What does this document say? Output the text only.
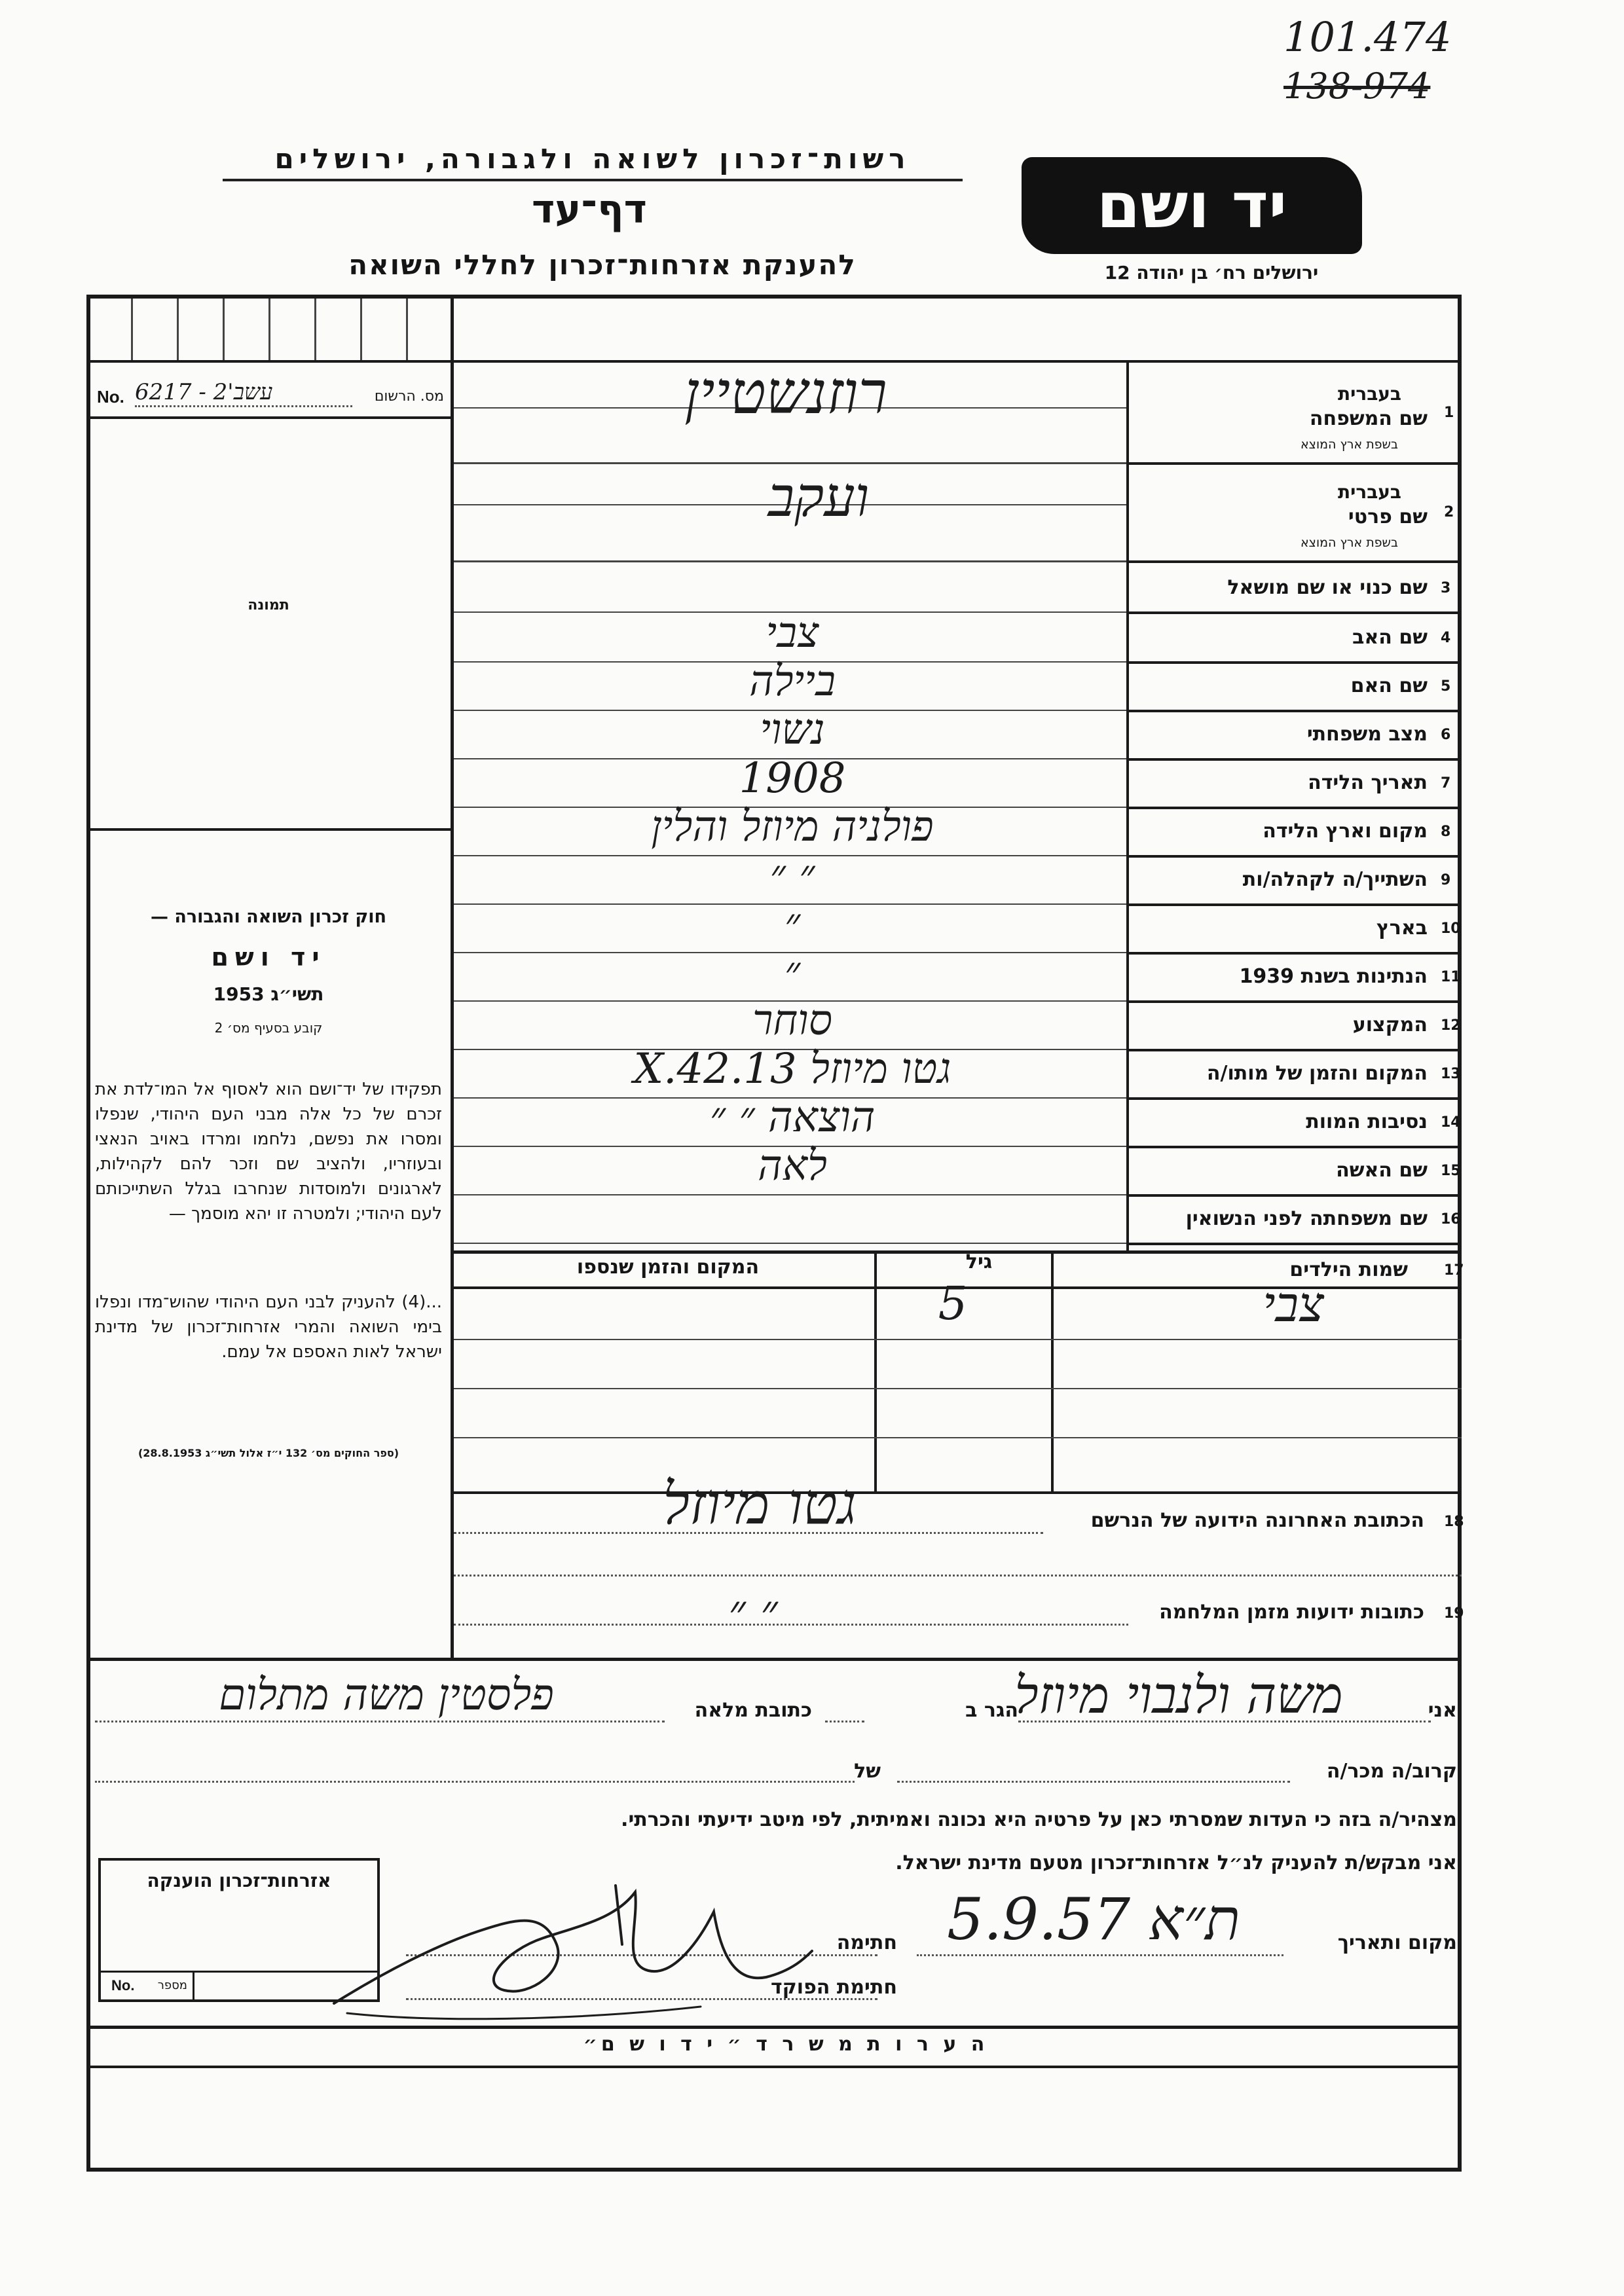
101.474
138-974
רשות־זכרון לשואה ולגבורה, ירושלים
דף־עד
להענקת אזרחות־זכרון לחללי השואה
יד ושם
ירושלים רח׳ בן יהודה 12
No. 6217 - 2'עשב	מס. הרשום
תמונה
חוק זכרון השואה והגבורה —
יד ושם
תשי״ג 1953
קובע בסעיף מס׳ 2
תפקידו של יד־ושם הוא לאסוף אל המו־לדת את זכרם של כל אלה מבני העם היהודי, שנפלו ומסרו את נפשם, נלחמו ומרדו באויב הנאצי ובעוזריו, ולהציב שם וזכר להם לקהילות, לארגונים ולמוסדות שנחרבו בגלל השתייכותם לעם היהודי; ולמטרה זו יהא מוסמך —
...(4) להעניק לבני העם היהודי שהוש־מדו ונפלו בימי השואה והמרי אזרחות־זכרון של מדינת ישראל לאות האספם אל עמם.
(ספר החוקים מס׳ 132 י״ז אלול תשי״ג 28.8.1953)
1
בעברית
שם המשפחה
בשפת ארץ המוצא
רוזנשטיין
2
בעברית
שם פרטי
בשפת ארץ המוצא
ועקב
3
שם כנוי או שם מושאל
4
שם האב
צבי
5
שם האם
ביילה
6
מצב משפחתי
נשוי
7
תאריך הלידה
1908
8
מקום וארץ הלידה
פולניה מיוזל והלין
9
השתייך/ה לקהלה/ות
״ ״
10
בארץ
״
11
הנתינות בשנת 1939
״
12
המקצוע
סוחר
13
המקום והזמן של מותו/ה
גטו מיוזל 13.X.42
14
נסיבות המוות
הוצאה ״ ״
15
שם האשה
לאה
16
שם משפחתה לפני הנשואין
17
שמות הילדים
גיל
המקום והזמן שנספו
צבי
5
18
הכתובת האחרונה הידועה של הנרשם
גטו מיוזל
19
כתובות ידועות מזמן המלחמה
״ ״
אני
משה ולנבוי מיוזל
הגר ב
כתובת מלאה
פלסטין משה מתלום
קרוב/ה מכר/ה
של
מצהיר/ה בזה כי העדות שמסרתי כאן על פרטיה היא נכונה ואמיתית, לפי מיטב ידיעתי והכרתי.
אני מבקש/ת להעניק לנ״ל אזרחות־זכרון מטעם מדינת ישראל.
מקום ותאריך
ת״א 5.9.57
חתימה
חתימת הפוקד
אזרחות־זכרון הוענקה
No. מספר
ה ע ר ו ת מ ש ר ד ״ י ד ו ש ם״
